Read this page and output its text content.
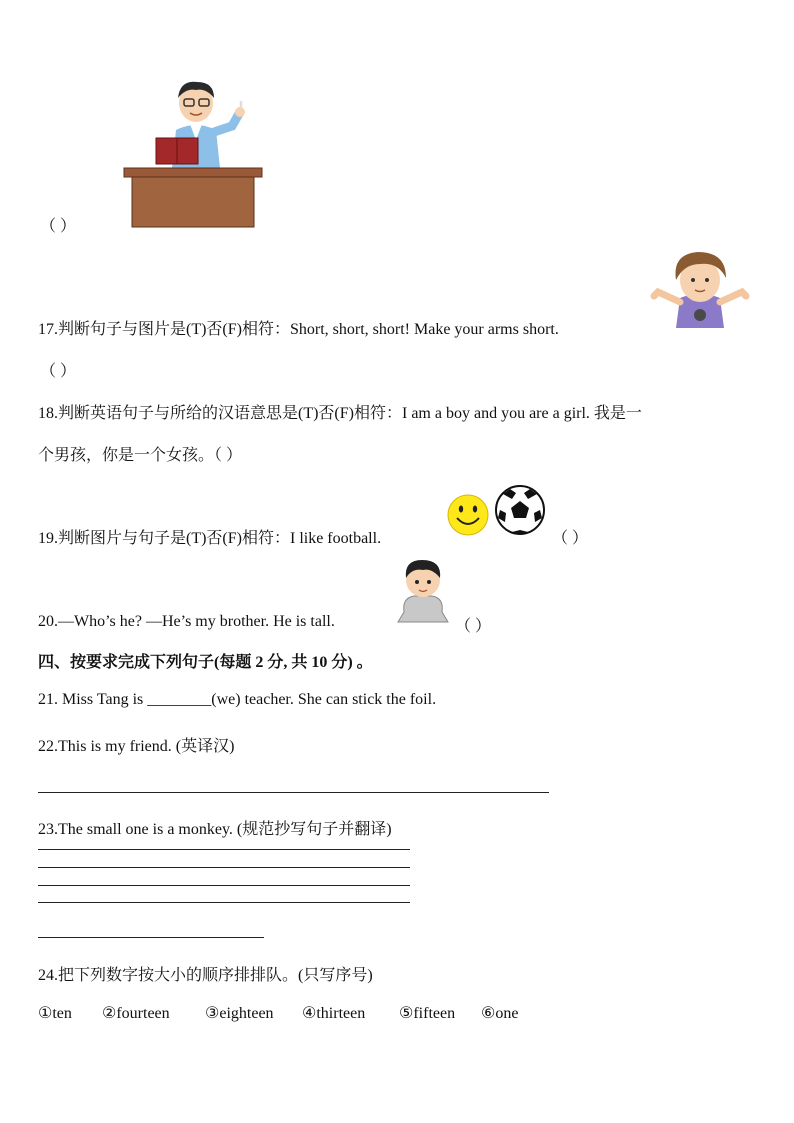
（ ）
17.判断句子与图片是(T)否(F)相符：Short, short, short! Make your arms short.
（ ）
18.判断英语句子与所给的汉语意思是(T)否(F)相符：I am a boy and you are a girl. 我是一
个男孩，你是一个女孩。（ ）
19.判断图片与句子是(T)否(F)相符：I like football.	（ ）
20.—Who’s he? —He’s my brother. He is tall.	（ ）
四、按要求完成下列句子(每题 2 分, 共 10 分) 。
21. Miss Tang is ________(we) teacher. She can stick the foil.
22.This is my friend. (英译汉)
23.The small one is a monkey. (规范抄写句子并翻译)
24.把下列数字按大小的顺序排排队。(只写序号)
①ten ②fourteen ③eighteen ④thirteen ⑤fifteen ⑥one
